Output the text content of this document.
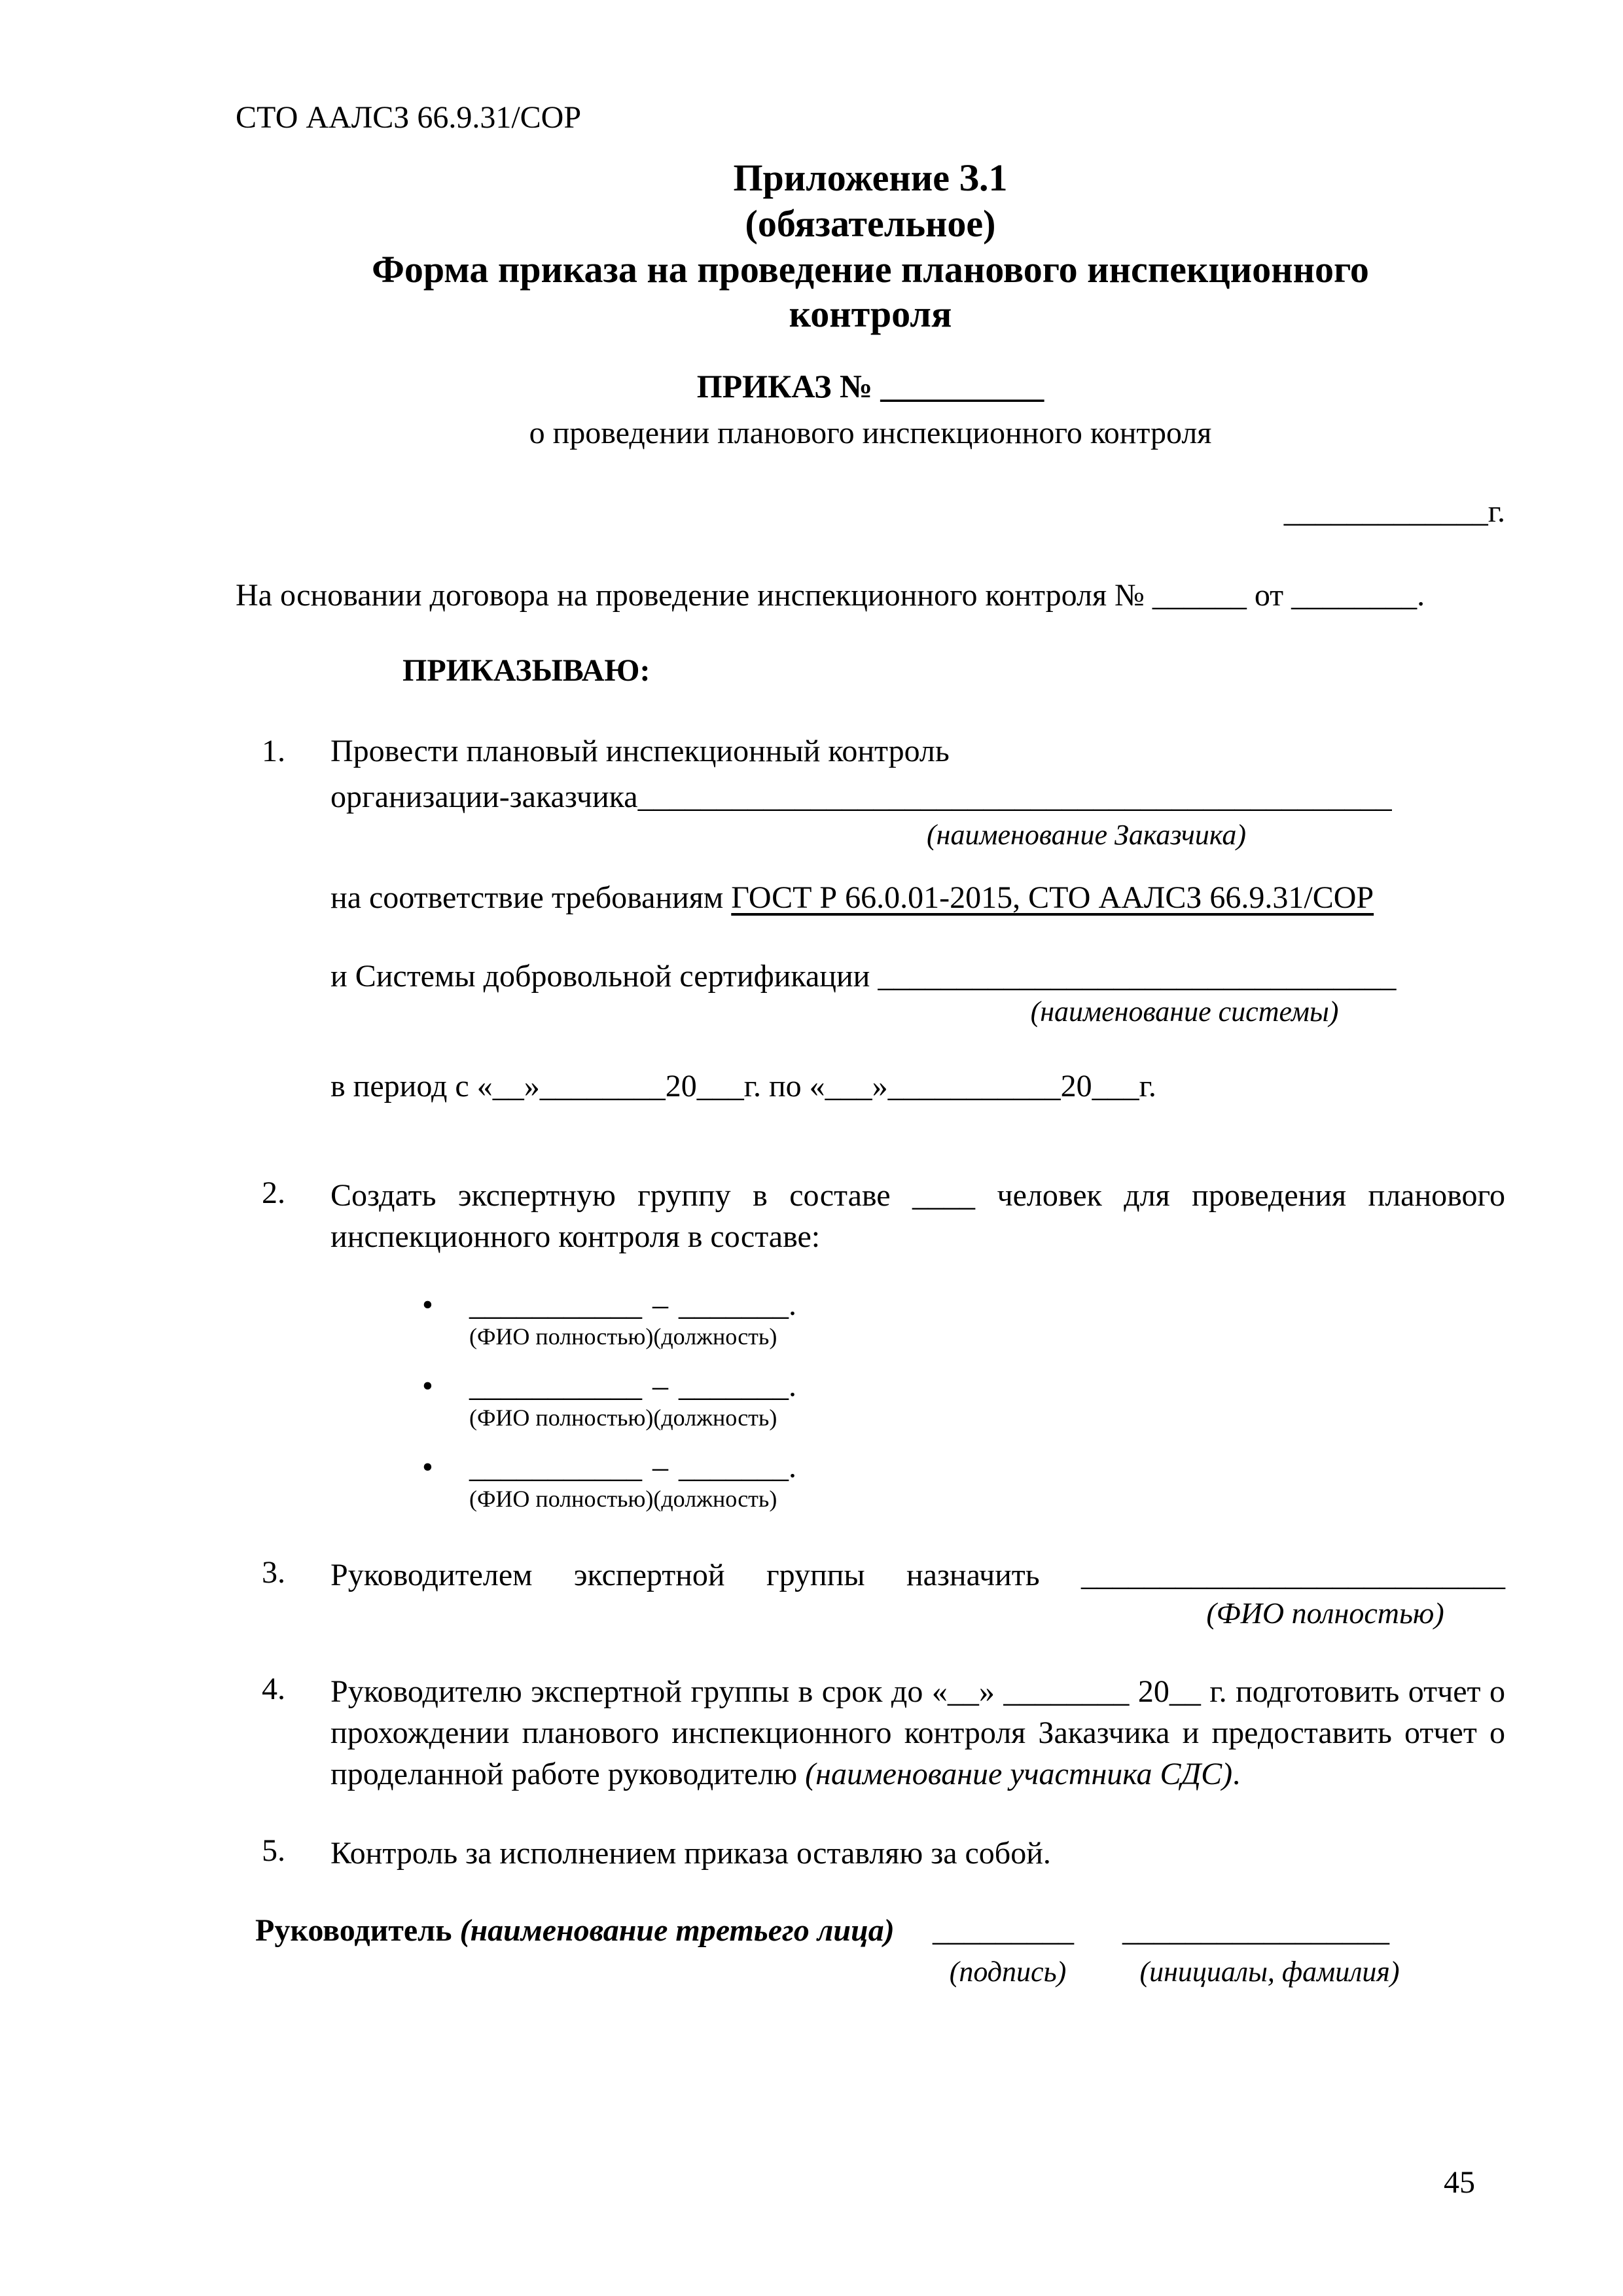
СТО ААЛСЗ 66.9.31/СОР
Приложение З.1
(обязательное)
Форма приказа на проведение планового инспекционного
контроля
ПРИКАЗ № __________
о проведении планового инспекционного контроля
_____________г.
На основании договора на проведение инспекционного контроля № ______ от ________.
ПРИКАЗЫВАЮ:
1. Провести плановый инспекционный контроль
организации-заказчика________________________________________________
(наименование Заказчика)
на соответствие требованиям ГОСТ Р 66.0.01-2015, СТО ААЛСЗ 66.9.31/СОР
и Системы добровольной сертификации _________________________________
(наименование системы)
в период с «__»________20___г. по «___»___________20___г.
2. Создать экспертную группу в составе ____ человек для проведения планового инспекционного контроля в составе:
• ___________ – _______.
(ФИО полностью)(должность)
• ___________ – _______.
(ФИО полностью)(должность)
• ___________ – _______.
(ФИО полностью)(должность)
3. Руководителем экспертной группы назначить ___________________________
(ФИО полностью)
4. Руководителю экспертной группы в срок до «__» ________ 20__ г. подготовить отчет о прохождении планового инспекционного контроля Заказчика и предоставить отчет о проделанной работе руководителю (наименование участника СДС).
5. Контроль за исполнением приказа оставляю за собой.
Руководитель (наименование третьего лица) _________ _________________
(подпись)	(инициалы, фамилия)
45
